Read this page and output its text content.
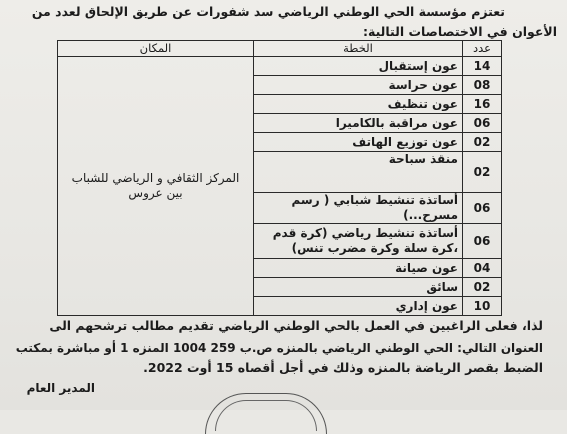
تعتزم مؤسسة الحي الوطني الرياضي سد شفورات عن طريق الإلحاق لعدد من
الأعوان في الاختصاصات التالية:
عدد	الخطة	المكان
14	عون إستقبال	المركز الثقافي و الرياضي للشباب بين عروس
08	عون حراسة	
16	عون تنظيف	
06	عون مراقبة بالكاميرا	
02	عون توزيع الهاتف	
02	منقذ سباحة	
06	أساتذة تنشيط شبابي ( رسم مسرح...)	
06	أساتذة تنشيط رياضي (كرة قدم ،كرة سلة وكرة مضرب تنس)	
04	عون صيانة	
02	سائق	
10	عون إداري	
لذا، فعلى الراغبين في العمل بالحي الوطني الرياضي تقديم مطالب ترشحهم الى
العنوان التالي: الحي الوطني الرياضي بالمنزه ص.ب 259 1004 المنزه 1 أو مباشرة بمكتب
الضبط بقصر الرياضة بالمنزه وذلك في أجل أقصاه 15 أوت 2022.
المدير العام
